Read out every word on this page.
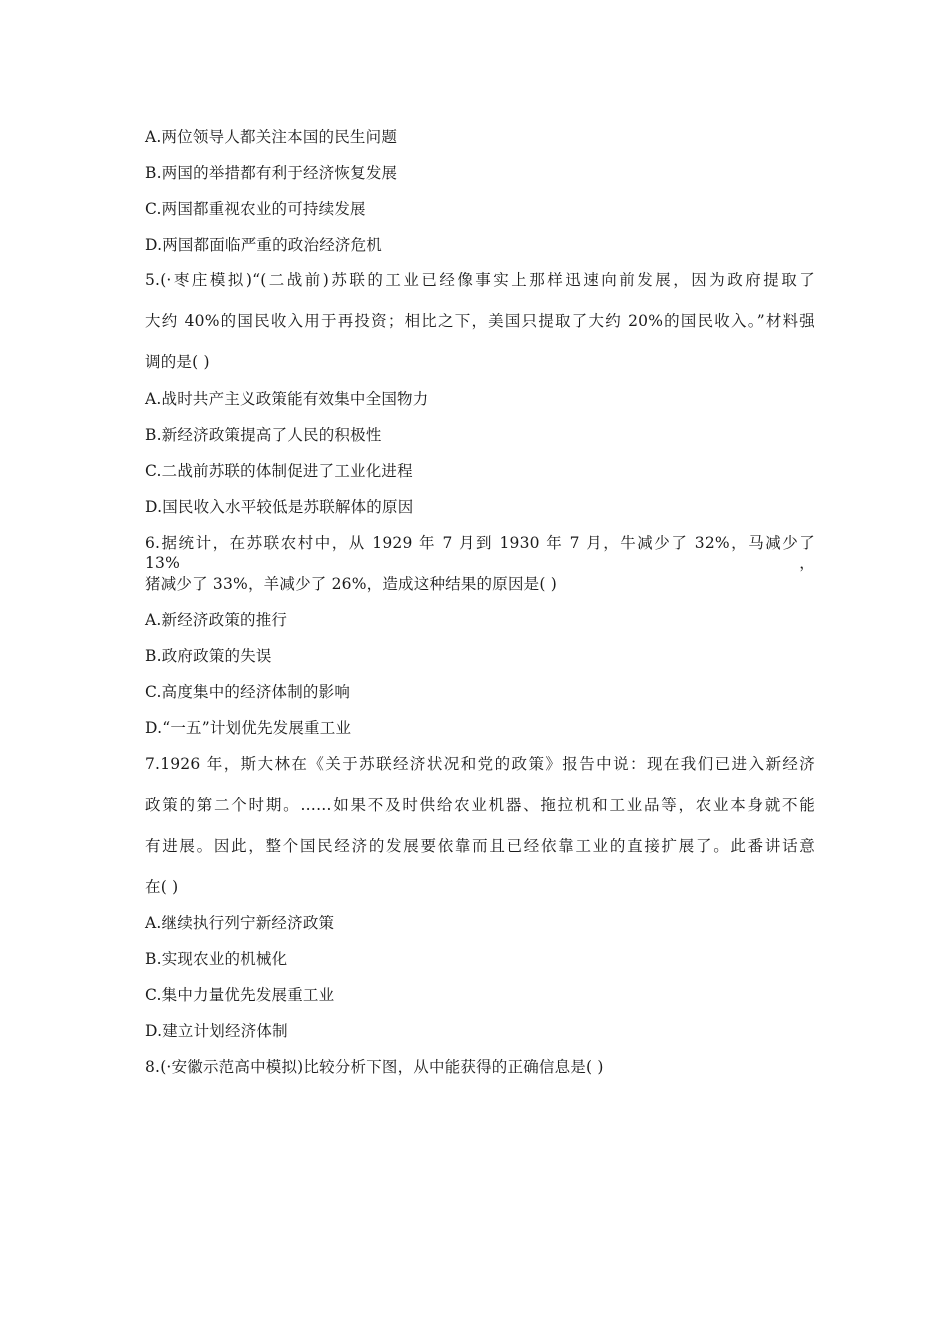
A.两位领导人都关注本国的民生问题
B.两国的举措都有利于经济恢复发展
C.两国都重视农业的可持续发展
D.两国都面临严重的政治经济危机
5.(·枣庄模拟)“(二战前)苏联的工业已经像事实上那样迅速向前发展，因为政府提取了
大约 40%的国民收入用于再投资；相比之下，美国只提取了大约 20%的国民收入。”材料强
调的是( )
A.战时共产主义政策能有效集中全国物力
B.新经济政策提高了人民的积极性
C.二战前苏联的体制促进了工业化进程
D.国民收入水平较低是苏联解体的原因
6.据统计，在苏联农村中，从 1929 年 7 月到 1930 年 7 月，牛减少了 32%，马减少了 13%，
猪减少了 33%，羊减少了 26%，造成这种结果的原因是( )
A.新经济政策的推行
B.政府政策的失误
C.高度集中的经济体制的影响
D.“一五”计划优先发展重工业
7.1926 年，斯大林在《关于苏联经济状况和党的政策》报告中说：现在我们已进入新经济
政策的第二个时期。……如果不及时供给农业机器、拖拉机和工业品等，农业本身就不能
有进展。因此，整个国民经济的发展要依靠而且已经依靠工业的直接扩展了。此番讲话意
在( )
A.继续执行列宁新经济政策
B.实现农业的机械化
C.集中力量优先发展重工业
D.建立计划经济体制
8.(·安徽示范高中模拟)比较分析下图，从中能获得的正确信息是( )
